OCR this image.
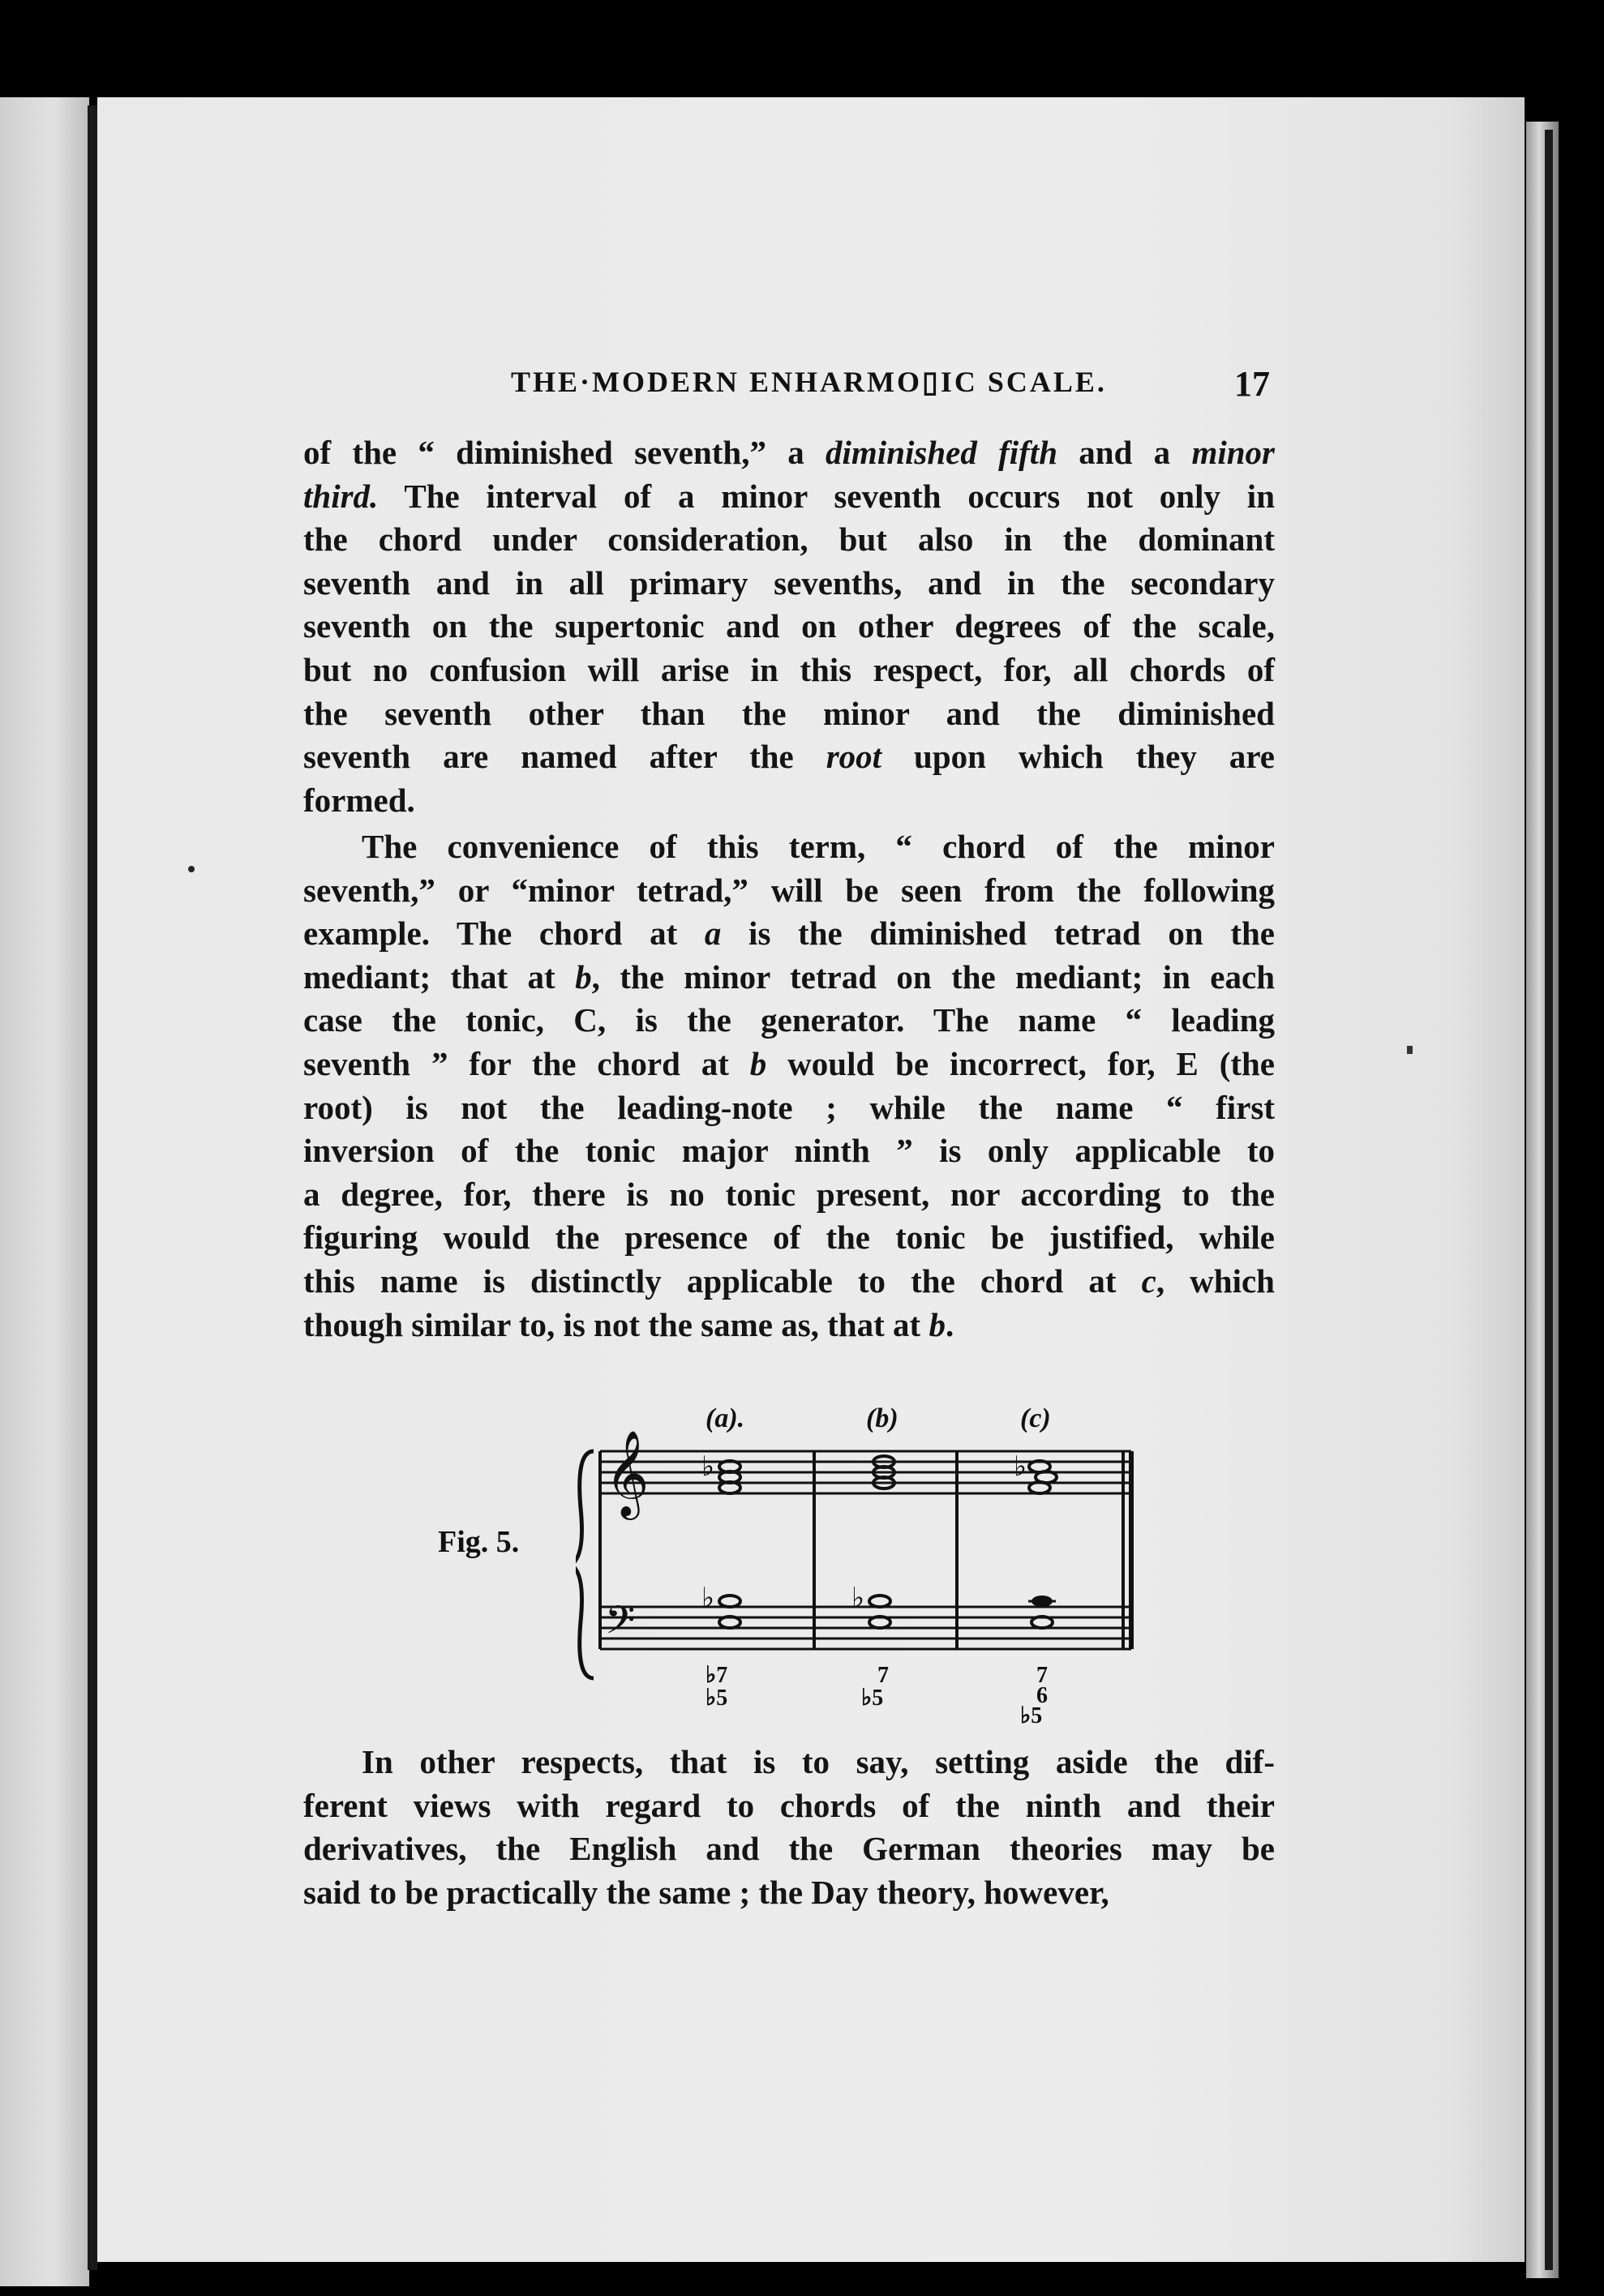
THE·MODERN ENHARMO▯IC SCALE.	17
of the “ diminished seventh,” a diminished fifth and a minor
third. The interval of a minor seventh occurs not only in
the chord under consideration, but also in the dominant
seventh and in all primary sevenths, and in the secondary
seventh on the supertonic and on other degrees of the scale,
but no confusion will arise in this respect, for, all chords of
the seventh other than the minor and the diminished
seventh are named after the root upon which they are
formed.
The convenience of this term, “ chord of the minor
seventh,” or “minor tetrad,” will be seen from the following
example. The chord at a is the diminished tetrad on the
mediant; that at b, the minor tetrad on the mediant; in each
case the tonic, C, is the generator. The name “ leading
seventh ” for the chord at b would be incorrect, for, E (the
root) is not the leading-note ; while the name “ first
inversion of the tonic major ninth ” is only applicable to
a degree, for, there is no tonic present, nor according to the
figuring would the presence of the tonic be justified, while
this name is distinctly applicable to the chord at c, which
though similar to, is not the same as, that at b.
Fig. 5.
𝄞
𝄢
(a).	(b)	(c)
♭
♭	♭
♭
♭7
♭5
7
♭5
7
6
♭5
In other respects, that is to say, setting aside the dif-
ferent views with regard to chords of the ninth and their
derivatives, the English and the German theories may be
said to be practically the same ; the Day theory, however,
